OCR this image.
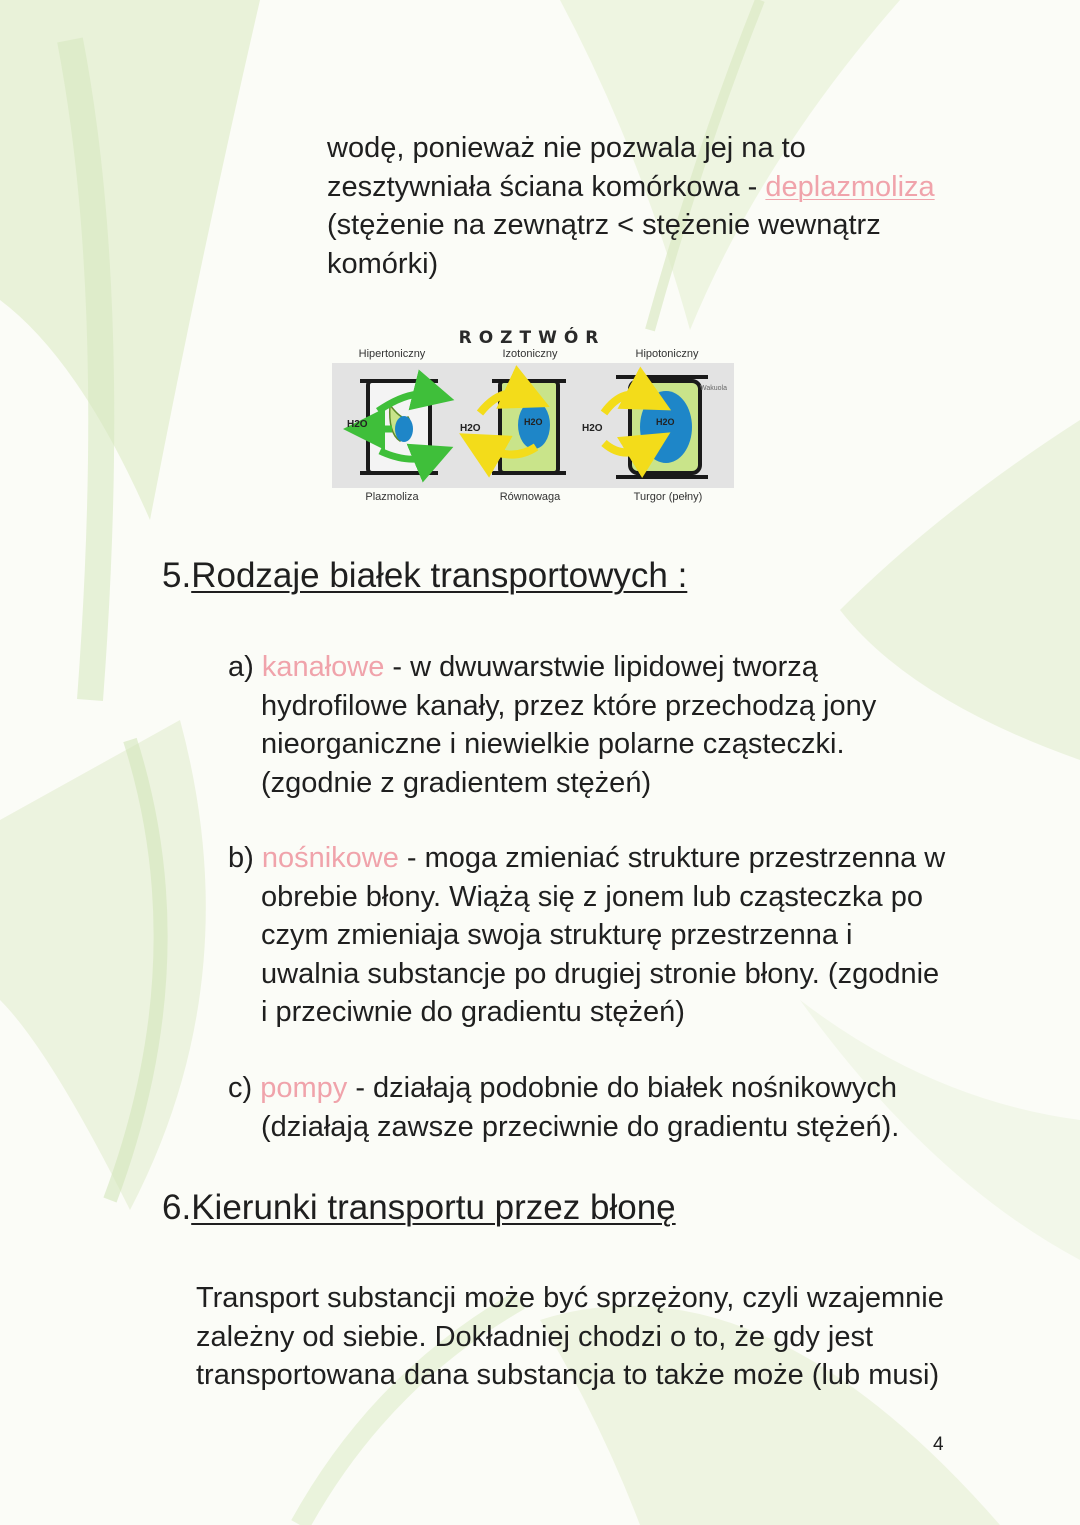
wodę, ponieważ nie pozwala jej na to
zesztywniała ściana komórkowa - deplazmoliza
(stężenie na zewnątrz < stężenie wewnątrz
komórki)
ROZTWÓR
Hipertoniczny	Izotoniczny	Hipotoniczny
H2O	H2O
H2O
H2O
H2O
Wakuola
Plazmoliza	Równowaga	Turgor (pełny)
5.Rodzaje białek transportowych :
a) kanałowe - w dwuwarstwie lipidowej tworzą
hydrofilowe kanały, przez które przechodzą jony
nieorganiczne i niewielkie polarne cząsteczki.
(zgodnie z gradientem stężeń)
b) nośnikowe - moga zmieniać strukture przestrzenna w
obrebie błony. Wiążą się z jonem lub cząsteczka po
czym zmieniaja swoja strukturę przestrzenna i
uwalnia substancje po drugiej stronie błony. (zgodnie
i przeciwnie do gradientu stężeń)
c) pompy - działają podobnie do białek nośnikowych
(działają zawsze przeciwnie do gradientu stężeń).
6.Kierunki transportu przez błonę
Transport substancji może być sprzężony, czyli wzajemnie
zależny od siebie. Dokładniej chodzi o to, że gdy jest
transportowana dana substancja to także może (lub musi)
4
